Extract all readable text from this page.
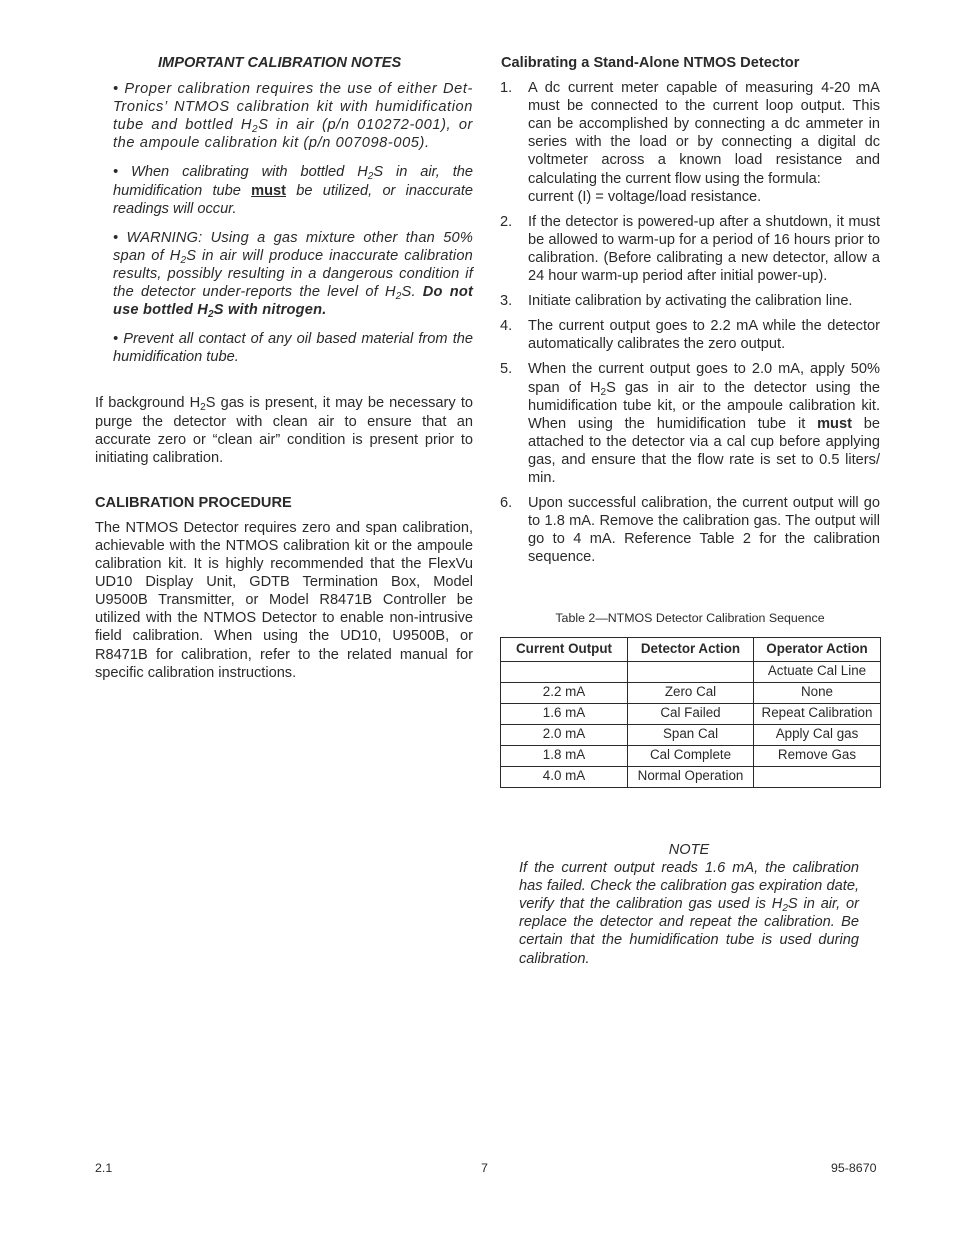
IMPORTANT CALIBRATION NOTES

• Proper calibration requires the use of either Det-Tronics’ NTMOS calibration kit with humidification tube and bottled $H_2S$ in air (p/n 010272-001), or the ampoule calibration kit (p/n 007098-005).

• When calibrating with bottled $H_2S$ in air, the humidification tube must be utilized, or inaccurate readings will occur.

• WARNING: Using a gas mixture other than 50% span of $H_2S$ in air will produce inaccurate calibration results, possibly resulting in a dangerous condition if the detector under-reports the level of $H_2S$. Do not use bottled $H_2S$ with nitrogen.

• Prevent all contact of any oil based material from the humidification tube.

If background $H_2S$ gas is present, it may be necessary to purge the detector with clean air to ensure that an accurate zero or “clean air” condition is present prior to initiating calibration.

CALIBRATION PROCEDURE

The NTMOS Detector requires zero and span calibration, achievable with the NTMOS calibration kit or the ampoule calibration kit. It is highly recommended that the FlexVu UD10 Display Unit, GDTB Termination Box, Model U9500B Transmitter, or Model R8471B Controller be utilized with the NTMOS Detector to enable non-intrusive field calibration. When using the UD10, U9500B, or R8471B for calibration, refer to the related manual for specific calibration instructions.

Calibrating a Stand-Alone NTMOS Detector

1. A dc current meter capable of measuring 4-20 mA must be connected to the current loop output. This can be accomplished by connecting a dc ammeter in series with the load or by connecting a digital dc voltmeter across a known load resistance and calculating the current flow using the formula:
current (I) = voltage/load resistance.
2. If the detector is powered-up after a shutdown, it must be allowed to warm-up for a period of 16 hours prior to calibration. (Before calibrating a new detector, allow a 24 hour warm-up period after initial power-up).
3. Initiate calibration by activating the calibration line.
4. The current output goes to 2.2 mA while the detector automatically calibrates the zero output.
5. When the current output goes to 2.0 mA, apply 50% span of $H_2S$ gas in air to the detector using the humidification tube kit, or the ampoule calibration kit. When using the humidification tube it must be attached to the detector via a cal cup before applying gas, and ensure that the flow rate is set to 0.5 liters/ min.
6. Upon successful calibration, the current output will go to 1.8 mA. Remove the calibration gas. The output will go to 4 mA. Reference Table 2 for the calibration sequence.

Table 2—NTMOS Detector Calibration Sequence

Current Output	Detector Action	Operator Action
		Actuate Cal Line
2.2 mA	Zero Cal	None
1.6 mA	Cal Failed	Repeat Calibration
2.0 mA	Span Cal	Apply Cal gas
1.8 mA	Cal Complete	Remove Gas
4.0 mA	Normal Operation	

NOTE

If the current output reads 1.6 mA, the calibration has failed. Check the calibration gas expiration date, verify that the calibration gas used is $H_2S$ in air, or replace the detector and repeat the calibration. Be certain that the humidification tube is used during calibration.

2.1	7	95-8670
